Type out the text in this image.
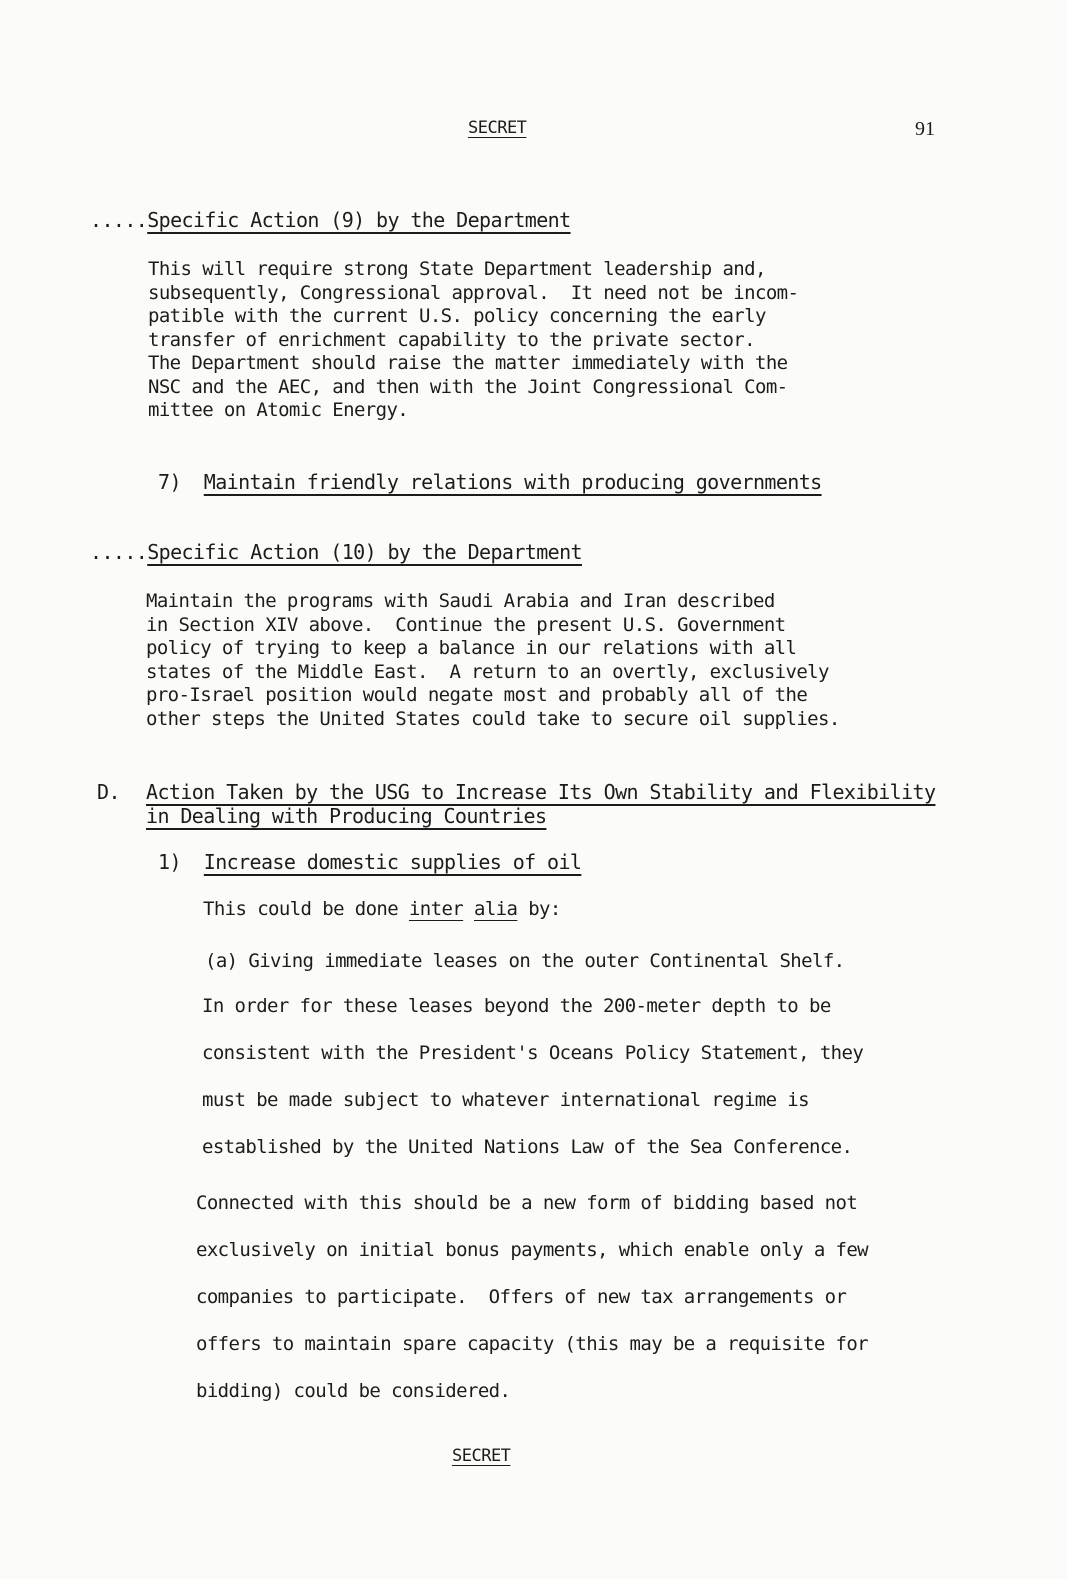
SECRET	91
.....Specific Action (9) by the Department
This will require strong State Department leadership and,
subsequently, Congressional approval.  It need not be incom-
patible with the current U.S. policy concerning the early
transfer of enrichment capability to the private sector.
The Department should raise the matter immediately with the
NSC and the AEC, and then with the Joint Congressional Com-
mittee on Atomic Energy.
7) Maintain friendly relations with producing governments
.....Specific Action (10) by the Department
Maintain the programs with Saudi Arabia and Iran described
in Section XIV above.  Continue the present U.S. Government
policy of trying to keep a balance in our relations with all
states of the Middle East.  A return to an overtly, exclusively
pro-Israel position would negate most and probably all of the
other steps the United States could take to secure oil supplies.
D. Action Taken by the USG to Increase Its Own Stability and Flexibility
in Dealing with Producing Countries
1) Increase domestic supplies of oil
This could be done inter alia by:
(a) Giving immediate leases on the outer Continental Shelf.
In order for these leases beyond the 200-meter depth to be
consistent with the President's Oceans Policy Statement, they
must be made subject to whatever international regime is
established by the United Nations Law of the Sea Conference.
Connected with this should be a new form of bidding based not
exclusively on initial bonus payments, which enable only a few
companies to participate.  Offers of new tax arrangements or
offers to maintain spare capacity (this may be a requisite for
bidding) could be considered.
SECRET
